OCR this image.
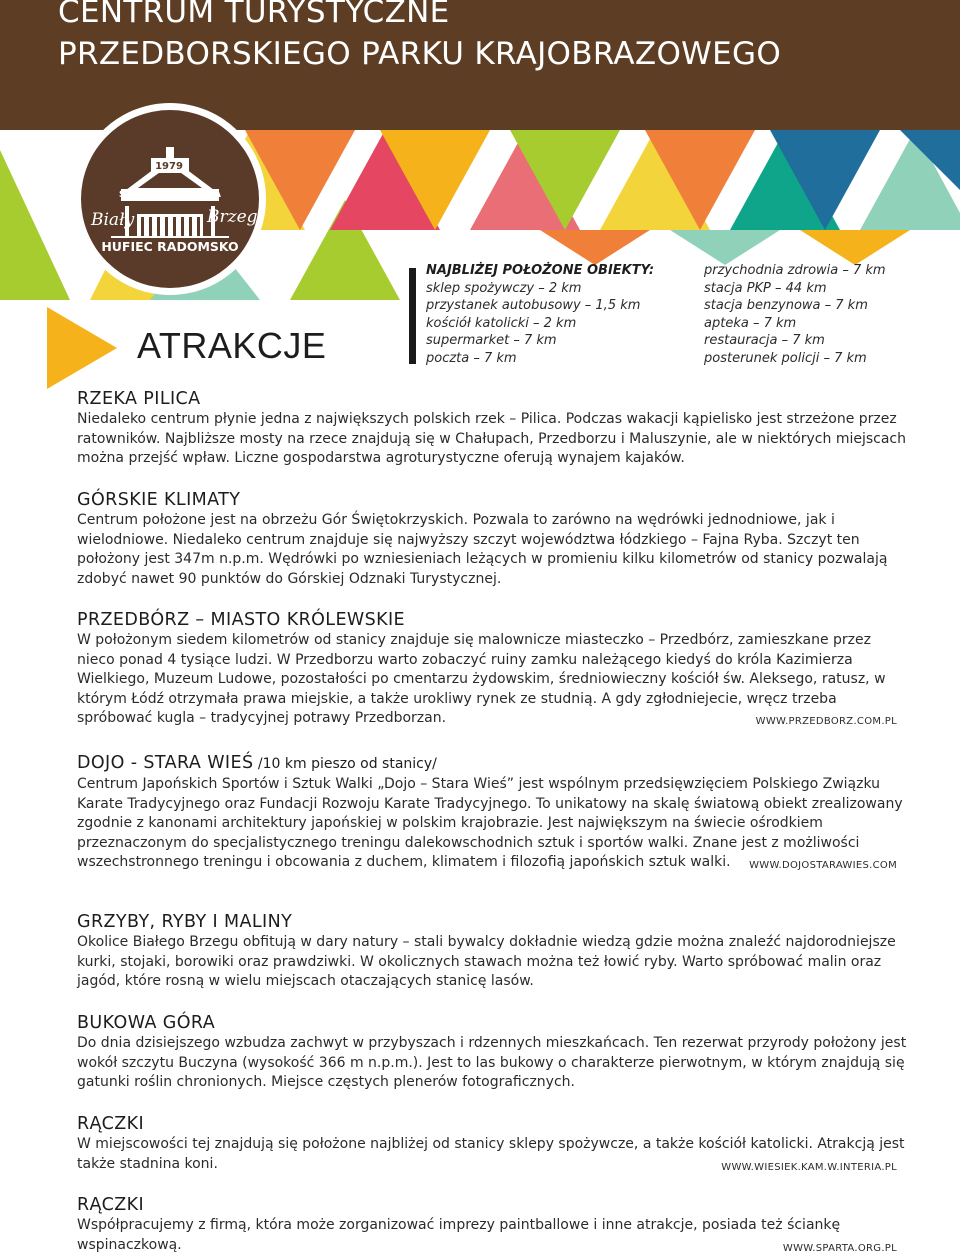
CENTRUM TURYSTYCZNE
PRZEDBORSKIEGO PARKU KRAJOBRAZOWEGO
1979
STANICA HARCERSKA
Biały	Brzeg
HUFIEC RADOMSKO
ATRAKCJE
NAJBLIŻEJ POŁOŻONE OBIEKTY:
sklep spożywczy – 2 km
przystanek autobusowy – 1,5 km
kościół katolicki – 2 km
supermarket – 7 km
poczta – 7 km
przychodnia zdrowia – 7 km
stacja PKP – 44 km
stacja benzynowa – 7 km
apteka – 7 km
restauracja – 7 km
posterunek policji – 7 km
RZEKA PILICA

Niedaleko centrum płynie jedna z największych polskich rzek – Pilica. Podczas wakacji kąpielisko jest strzeżone przez ratowników. Najbliższe mosty na rzece znajdują się w Chałupach, Przedborzu i Maluszynie, ale w niektórych miejscach można przejść wpław. Liczne gospodarstwa agroturystyczne oferują wynajem kajaków.

GÓRSKIE KLIMATY

Centrum położone jest na obrzeżu Gór Świętokrzyskich. Pozwala to zarówno na wędrówki jednodniowe, jak i wielodniowe. Niedaleko centrum znajduje się najwyższy szczyt województwa łódzkiego – Fajna Ryba. Szczyt ten położony jest 347m n.p.m. Wędrówki po wzniesieniach leżących w promieniu kilku kilometrów od stanicy pozwalają zdobyć nawet 90 punktów do Górskiej Odznaki Turystycznej.

PRZEDBÓRZ – MIASTO KRÓLEWSKIE

W położonym siedem kilometrów od stanicy znajduje się malownicze miasteczko – Przedbórz, zamieszkane przez nieco ponad 4 tysiące ludzi. W Przedborzu warto zobaczyć ruiny zamku należącego kiedyś do króla Kazimierza Wielkiego, Muzeum Ludowe, pozostałości po cmentarzu żydowskim, średniowieczny kościół św. Aleksego, ratusz, w którym Łódź otrzymała prawa miejskie, a także urokliwy rynek ze studnią. A gdy zgłodniejecie, wręcz trzeba spróbować kugla – tradycyjnej potrawy Przedborzan.	WWW.PRZEDBORZ.COM.PL

DOJO - STARA WIEŚ /10 km pieszo od stanicy/

Centrum Japońskich Sportów i Sztuk Walki „Dojo – Stara Wieś” jest wspólnym przedsięwzięciem Polskiego Związku Karate Tradycyjnego oraz Fundacji Rozwoju Karate Tradycyjnego. To unikatowy na skalę światową obiekt zrealizowany zgodnie z kanonami architektury japońskiej w polskim krajobrazie. Jest największym na świecie ośrodkiem przeznaczonym do specjalistycznego treningu dalekowschodnich sztuk i sportów walki. Znane jest z możliwości wszechstronnego treningu i obcowania z duchem, klimatem i filozofią japońskich sztuk walki. WWW.DOJOSTARAWIES.COM

GRZYBY, RYBY I MALINY

Okolice Białego Brzegu obfitują w dary natury – stali bywalcy dokładnie wiedzą gdzie można znaleźć najdorodniejsze kurki, stojaki, borowiki oraz prawdziwki. W okolicznych stawach można też łowić ryby. Warto spróbować malin oraz jagód, które rosną w wielu miejscach otaczających stanicę lasów.

BUKOWA GÓRA

Do dnia dzisiejszego wzbudza zachwyt w przybyszach i rdzennych mieszkańcach. Ten rezerwat przyrody położony jest wokół szczytu Buczyna (wysokość 366 m n.p.m.). Jest to las bukowy o charakterze pierwotnym, w którym znajdują się gatunki roślin chronionych. Miejsce częstych plenerów fotograficznych.

RĄCZKI

W miejscowości tej znajdują się położone najbliżej od stanicy sklepy spożywcze, a także kościół katolicki. Atrakcją jest także stadnina koni.	WWW.WIESIEK.KAM.W.INTERIA.PL

RĄCZKI

Współpracujemy z firmą, która może zorganizować imprezy paintballowe i inne atrakcje, posiada też ściankę wspinaczkową.	WWW.SPARTA.ORG.PL
